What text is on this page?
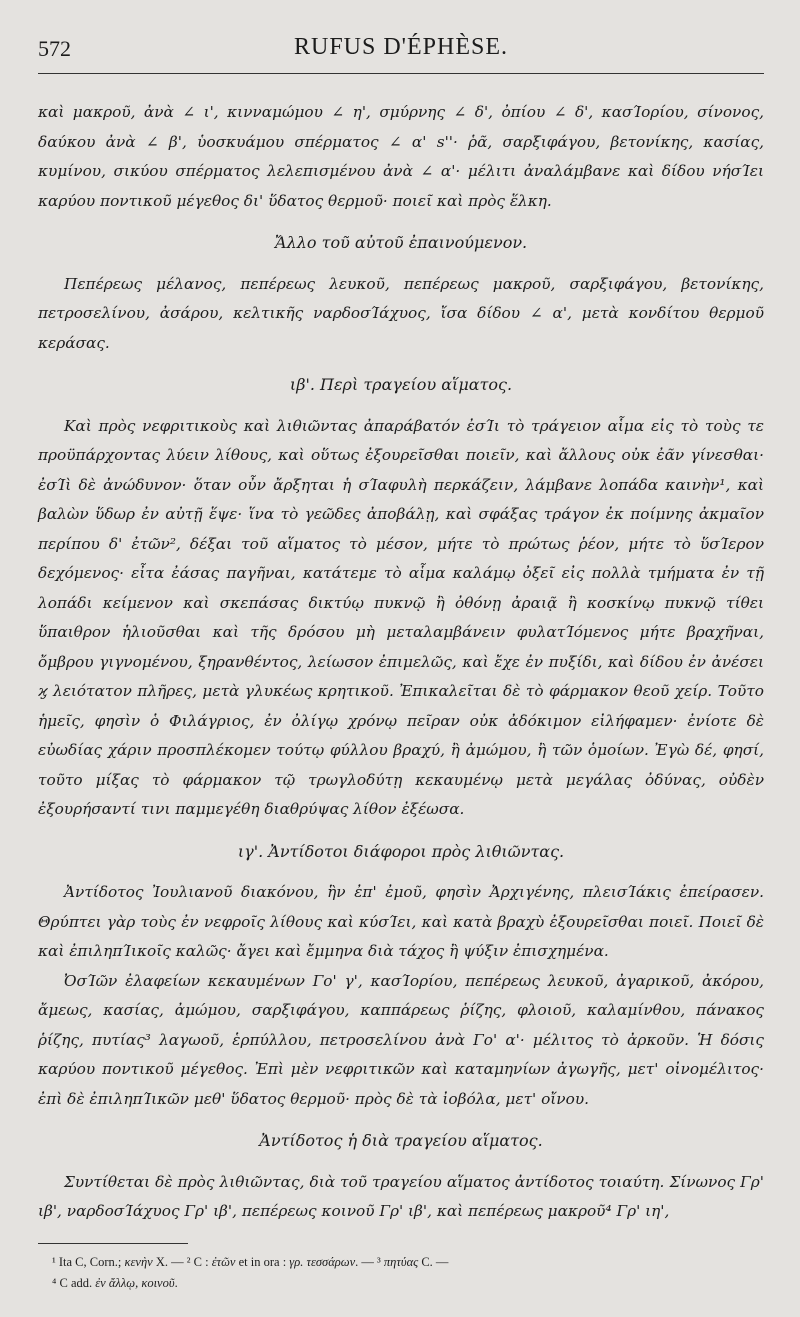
572	RUFUS D'ÉPHÈSE.

καὶ μακροῦ, ἀνὰ ∠ ι', κινναμώμου ∠ η', σμύρνης ∠ δ', ὀπίου ∠ δ', κασΊορίου, σίνονος, δαύκου ἀνὰ ∠ β', ὑοσκυάμου σπέρματος ∠ α' s''· ῥᾶ, σαρξιφάγου, βετονίκης, κασίας, κυμίνου, σικύου σπέρματος λελεπισμένου ἀνὰ ∠ α'· μέλιτι ἀναλάμβανε καὶ δίδου νήσΊει καρύου ποντικοῦ μέγεθος δι' ὕδατος θερμοῦ· ποιεῖ καὶ πρὸς ἕλκη.

Ἄλλο τοῦ αὐτοῦ ἐπαινούμενον.

Πεπέρεως μέλανος, πεπέρεως λευκοῦ, πεπέρεως μακροῦ, σαρξιφάγου, βετονίκης, πετροσελίνου, ἀσάρου, κελτικῆς ναρδοσΊάχυος, ἴσα δίδου ∠ α', μετὰ κονδίτου θερμοῦ κεράσας.

ιβ'. Περὶ τραγείου αἵματος.

Καὶ πρὸς νεφριτικοὺς καὶ λιθιῶντας ἀπαράβατόν ἐσΊι τὸ τράγειον αἷμα εἰς τὸ τοὺς τε προϋπάρχοντας λύειν λίθους, καὶ οὕτως ἐξουρεῖσθαι ποιεῖν, καὶ ἄλλους οὐκ ἐᾶν γίνεσθαι· ἐσΊὶ δὲ ἀνώδυνον· ὅταν οὖν ἄρξηται ἡ σΊαφυλὴ περκάζειν, λάμβανε λοπάδα καινὴν¹, καὶ βαλὼν ὕδωρ ἐν αὐτῇ ἕψε· ἵνα τὸ γεῶδες ἀποβάλῃ, καὶ σφάξας τράγον ἐκ ποίμνης ἀκμαῖον περίπου δ' ἐτῶν², δέξαι τοῦ αἵματος τὸ μέσον, μήτε τὸ πρώτως ῥέον, μήτε τὸ ὕσΊερον δεχόμενος· εἶτα ἐάσας παγῆναι, κατάτεμε τὸ αἷμα καλάμῳ ὀξεῖ εἰς πολλὰ τμήματα ἐν τῇ λοπάδι κείμενον καὶ σκεπάσας δικτύῳ πυκνῷ ἢ ὀθόνῃ ἀραιᾷ ἢ κοσκίνῳ πυκνῷ τίθει ὕπαιθρον ἡλιοῦσθαι καὶ τῆς δρόσου μὴ μεταλαμβάνειν φυλατΊόμενος μήτε βραχῆναι, ὄμβρου γιγνομένου, ξηρανθέντος, λείωσον ἐπιμελῶς, καὶ ἔχε ἐν πυξίδι, καὶ δίδου ἐν ἀνέσει ϗ λειότατον πλῆρες, μετὰ γλυκέως κρητικοῦ. Ἐπικαλεῖται δὲ τὸ φάρμακον θεοῦ χείρ. Τοῦτο ἡμεῖς, φησὶν ὁ Φιλάγριος, ἐν ὀλίγῳ χρόνῳ πεῖραν οὐκ ἀδόκιμον εἰλήφαμεν· ἐνίοτε δὲ εὐωδίας χάριν προσπλέκομεν τούτῳ φύλλου βραχύ, ἢ ἀμώμου, ἢ τῶν ὁμοίων. Ἐγὼ δέ, φησί, τοῦτο μίξας τὸ φάρμακον τῷ τρωγλοδύτῃ κεκαυμένῳ μετὰ μεγάλας ὀδύνας, οὐδὲν ἐξουρήσαντί τινι παμμεγέθη διαθρύψας λίθον ἐξέωσα.

ιγ'. Ἀντίδοτοι διάφοροι πρὸς λιθιῶντας.

Ἀντίδοτος Ἰουλιανοῦ διακόνου, ἣν ἐπ' ἐμοῦ, φησὶν Ἀρχιγένης, πλεισΊάκις ἐπείρασεν. Θρύπτει γὰρ τοὺς ἐν νεφροῖς λίθους καὶ κύσΊει, καὶ κατὰ βραχὺ ἐξουρεῖσθαι ποιεῖ. Ποιεῖ δὲ καὶ ἐπιληπΊικοῖς καλῶς· ἄγει καὶ ἔμμηνα διὰ τάχος ἢ ψύξιν ἐπισχημένα.

ὈσΊῶν ἐλαφείων κεκαυμένων Γο' γ', κασΊορίου, πεπέρεως λευκοῦ, ἀγαρικοῦ, ἀκόρου, ἄμεως, κασίας, ἀμώμου, σαρξιφάγου, καππάρεως ῥίζης, φλοιοῦ, καλαμίνθου, πάνακος ῥίζης, πυτίας³ λαγωοῦ, ἑρπύλλου, πετροσελίνου ἀνὰ Γο' α'· μέλιτος τὸ ἀρκοῦν. Ἡ δόσις καρύου ποντικοῦ μέγεθος. Ἐπὶ μὲν νεφριτικῶν καὶ καταμηνίων ἀγωγῆς, μετ' οἰνομέλιτος· ἐπὶ δὲ ἐπιληπΊικῶν μεθ' ὕδατος θερμοῦ· πρὸς δὲ τὰ ἰοβόλα, μετ' οἴνου.

Ἀντίδοτος ἡ διὰ τραγείου αἵματος.

Συντίθεται δὲ πρὸς λιθιῶντας, διὰ τοῦ τραγείου αἵματος ἀντίδοτος τοιαύτη. Σίνωνος Γρ' ιβ', ναρδοσΊάχυος Γρ' ιβ', πεπέρεως κοινοῦ Γρ' ιβ', καὶ πεπέρεως μακροῦ⁴ Γρ' ιη',

¹ Ita C, Corn.; κενὴν X. — ² C : ἐτῶν et in ora : γρ. τεσσάρων. — ³ πητύας C. —
⁴ C add. ἐν ἄλλῳ, κοινοῦ.
